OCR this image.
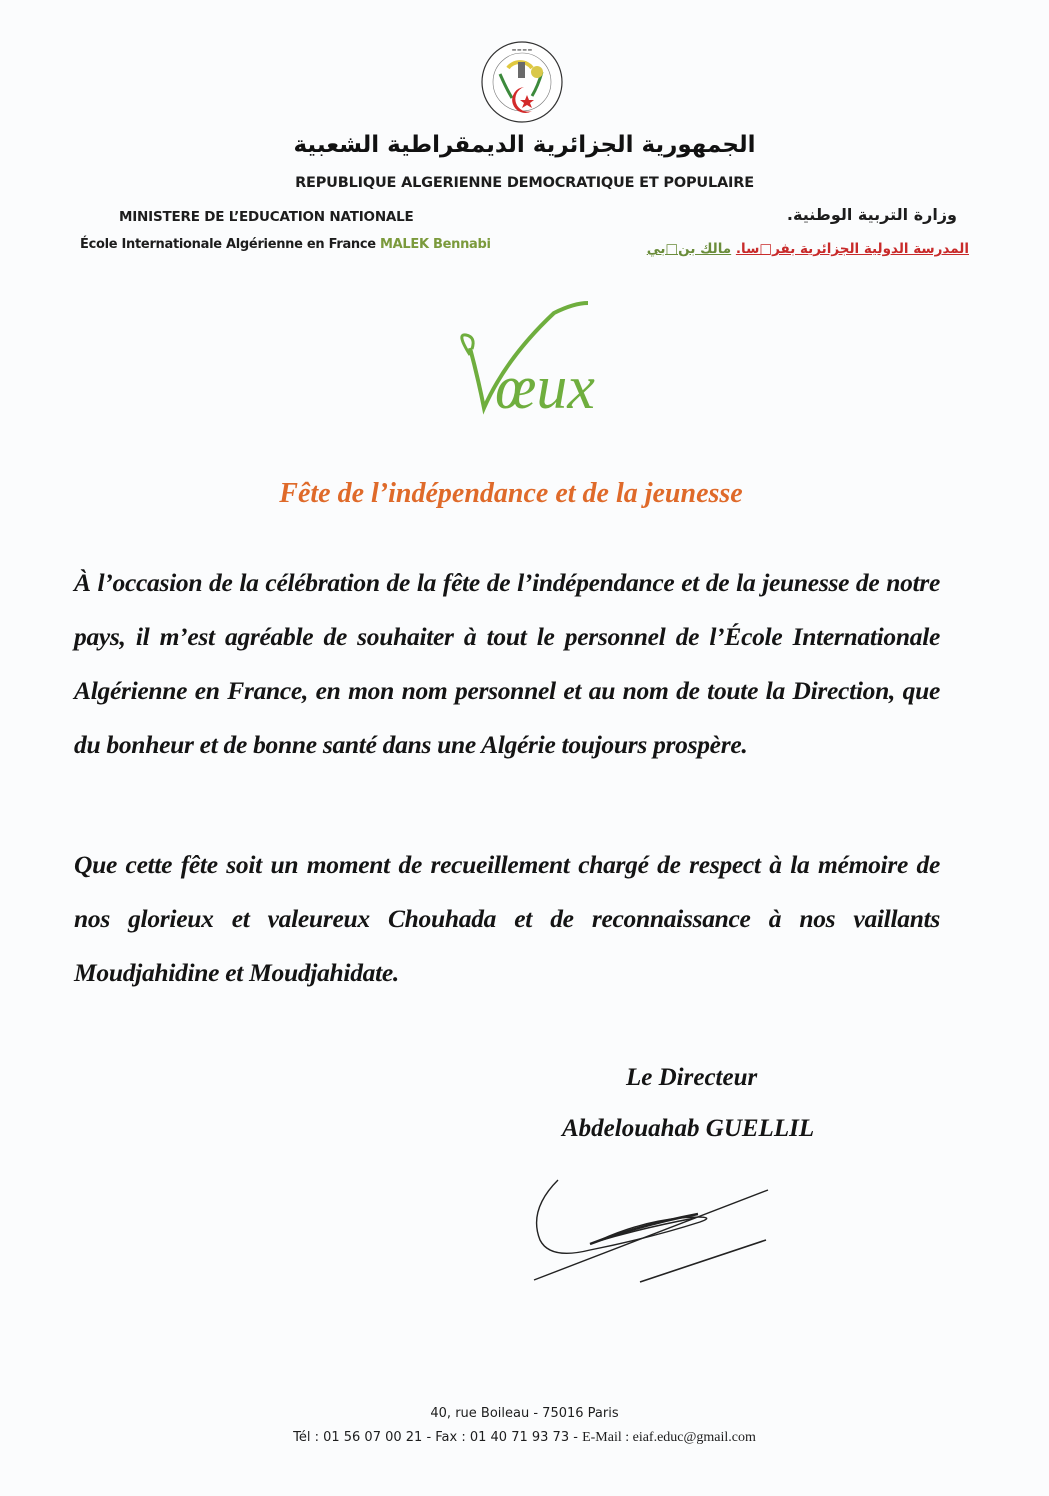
━ ━ ━ ━
الجمهورية الجزائرية الديمقراطية الشعبية
REPUBLIQUE ALGERIENNE DEMOCRATIQUE ET POPULAIRE
MINISTERE DE L’EDUCATION NATIONALE
École Internationale Algérienne en France MALEK Bennabi
وزارة التربية الوطنية.
المدرسة الدولية الجزائرية بفر□سا. مالك بن□بي
œux
Fête de l’indépendance et de la jeunesse
À l’occasion de la célébration de la fête de l’indépendance et de la jeunesse de notre pays, il m’est agréable de souhaiter à tout le personnel de l’École Internationale Algérienne en France, en mon nom personnel et au nom de toute la Direction, que du bonheur et de bonne santé dans une Algérie toujours prospère.
Que cette fête soit un moment de recueillement chargé de respect à la mémoire de nos glorieux et valeureux Chouhada et de reconnaissance à nos vaillants Moudjahidine et Moudjahidate.
Le Directeur
Abdelouahab GUELLIL
40, rue Boileau - 75016 Paris
Tél : 01 56 07 00 21 - Fax : 01 40 71 93 73 - E-Mail : eiaf.educ@gmail.com
